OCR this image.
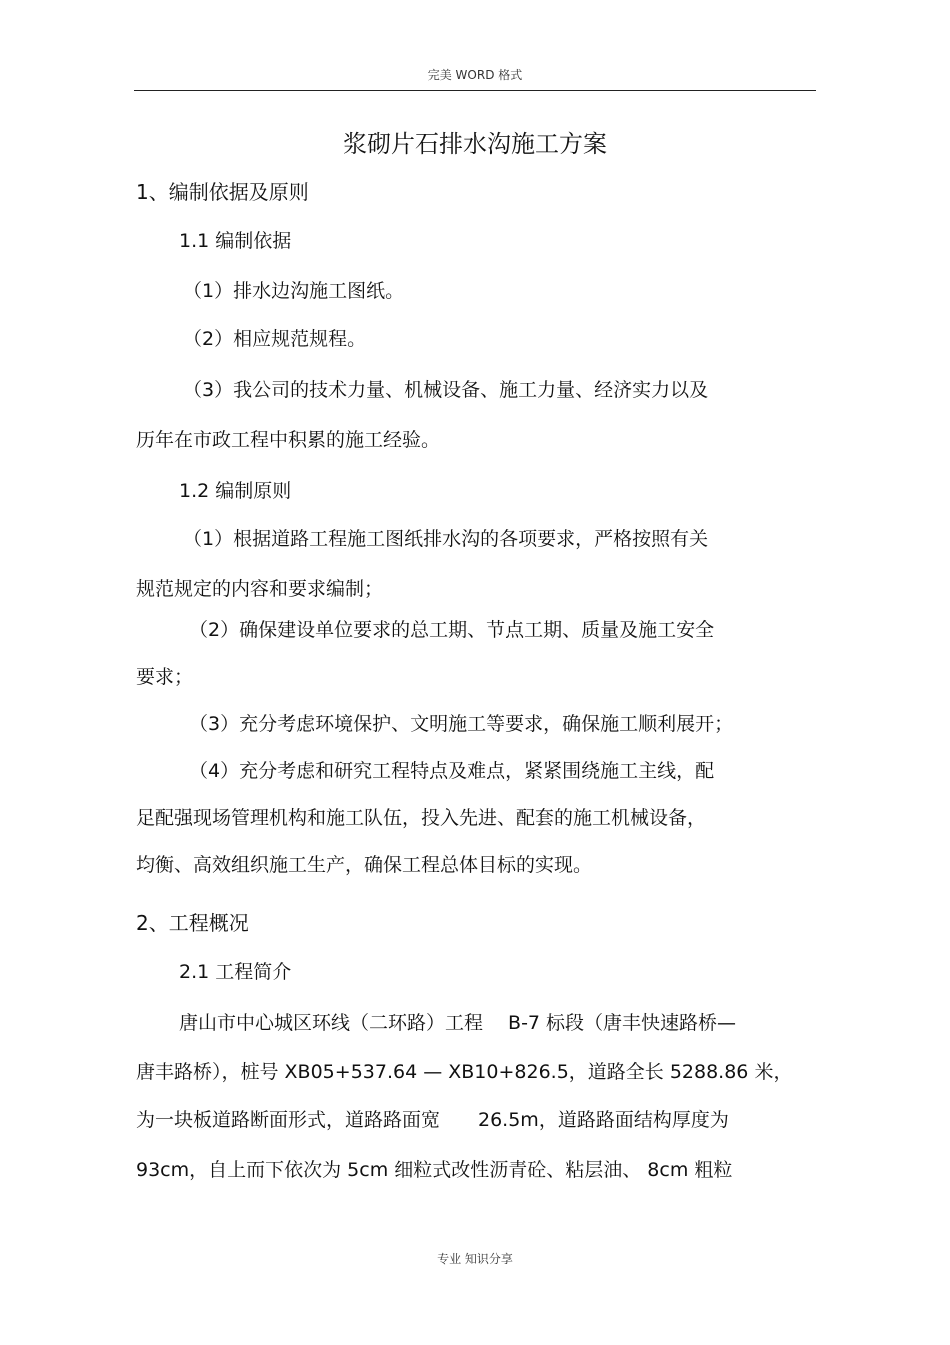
完美 WORD 格式
浆砌片石排水沟施工方案
1、编制依据及原则
1.1 编制依据
（1）排水边沟施工图纸。
（2）相应规范规程。
（3）我公司的技术力量、机械设备、施工力量、经济实力以及
历年在市政工程中积累的施工经验。
1.2 编制原则
（1）根据道路工程施工图纸排水沟的各项要求，严格按照有关
规范规定的内容和要求编制；
（2）确保建设单位要求的总工期、节点工期、质量及施工安全
要求；
（3）充分考虑环境保护、文明施工等要求，确保施工顺利展开；
（4）充分考虑和研究工程特点及难点，紧紧围绕施工主线，配
足配强现场管理机构和施工队伍，投入先进、配套的施工机械设备，
均衡、高效组织施工生产，确保工程总体目标的实现。
2、工程概况
2.1 工程简介
唐山市中心城区环线（二环路）工程　 B-7 标段（唐丰快速路桥—
唐丰路桥），桩号 XB05+537.64 — XB10+826.5，道路全长 5288.86 米，
为一块板道路断面形式，道路路面宽　　26.5m，道路路面结构厚度为
93cm，自上而下依次为 5cm 细粒式改性沥青砼、粘层油、 8cm 粗粒
专业 知识分享
